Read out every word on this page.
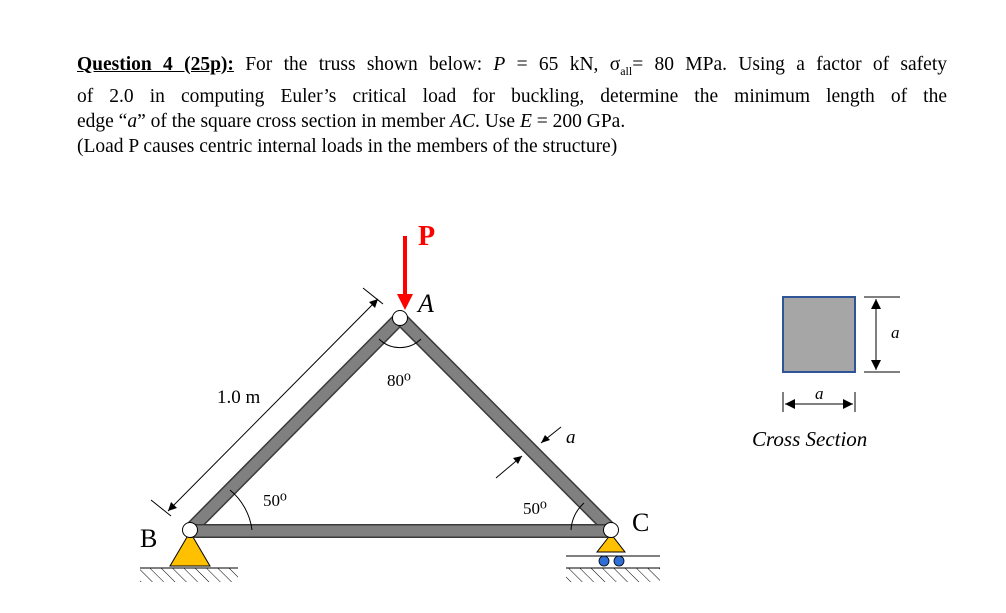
Question 4 (25p): For the truss shown below: P = 65 kN, $\sigma_{all}= 80$ MPa. Using a factor of safety
of 2.0 in computing Euler’s critical load for buckling, determine the minimum length of the
edge “a” of the square cross section in member AC. Use E = 200 GPa.
(Load P causes centric internal loads in the members of the structure)
P
A
B
C
80⁰
50⁰	50⁰
1.0 m
a
a
a
Cross Section
